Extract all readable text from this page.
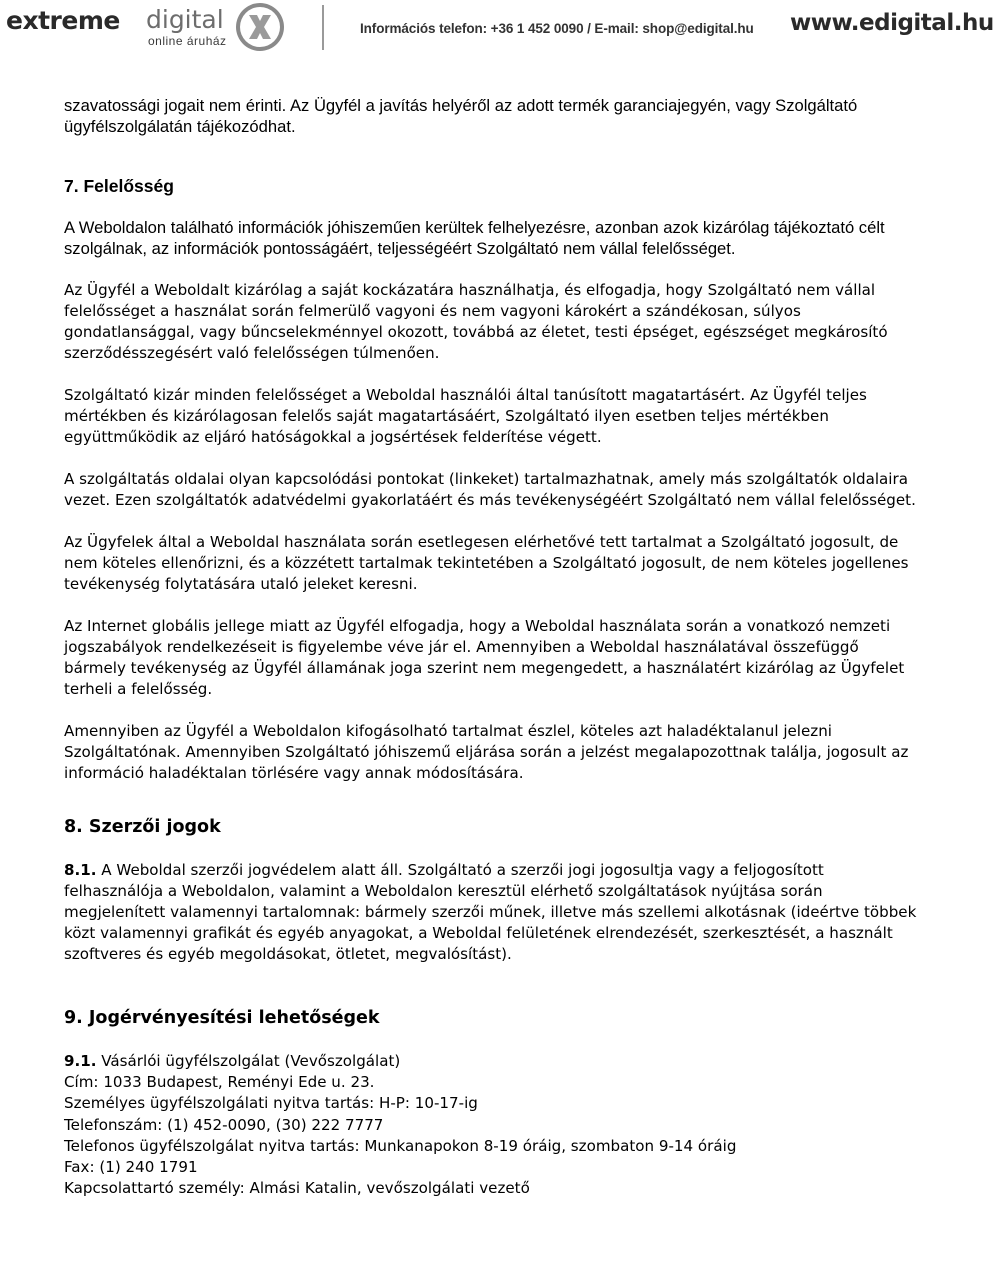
extreme digital
online áruház
Információs telefon: +36 1 452 0090 / E-mail: shop@edigital.hu www.edigital.hu

szavatossági jogait nem érinti. Az Ügyfél a javítás helyéről az adott termék garanciajegyén, vagy Szolgáltató ügyfélszolgálatán tájékozódhat.

7. Felelősség

A Weboldalon található információk jóhiszeműen kerültek felhelyezésre, azonban azok kizárólag tájékoztató célt szolgálnak, az információk pontosságáért, teljességéért Szolgáltató nem vállal felelősséget.

Az Ügyfél a Weboldalt kizárólag a saját kockázatára használhatja, és elfogadja, hogy Szolgáltató nem vállal felelősséget a használat során felmerülő vagyoni és nem vagyoni károkért a szándékosan, súlyos gondatlansággal, vagy bűncselekménnyel okozott, továbbá az életet, testi épséget, egészséget megkárosító szerződésszegésért való felelősségen túlmenően.

Szolgáltató kizár minden felelősséget a Weboldal használói által tanúsított magatartásért. Az Ügyfél teljes mértékben és kizárólagosan felelős saját magatartásáért, Szolgáltató ilyen esetben teljes mértékben együttműködik az eljáró hatóságokkal a jogsértések felderítése végett.

A szolgáltatás oldalai olyan kapcsolódási pontokat (linkeket) tartalmazhatnak, amely más szolgáltatók oldalaira vezet. Ezen szolgáltatók adatvédelmi gyakorlatáért és más tevékenységéért Szolgáltató nem vállal felelősséget.

Az Ügyfelek által a Weboldal használata során esetlegesen elérhetővé tett tartalmat a Szolgáltató jogosult, de nem köteles ellenőrizni, és a közzétett tartalmak tekintetében a Szolgáltató jogosult, de nem köteles jogellenes tevékenység folytatására utaló jeleket keresni.

Az Internet globális jellege miatt az Ügyfél elfogadja, hogy a Weboldal használata során a vonatkozó nemzeti jogszabályok rendelkezéseit is figyelembe véve jár el. Amennyiben a Weboldal használatával összefüggő bármely tevékenység az Ügyfél államának joga szerint nem megengedett, a használatért kizárólag az Ügyfelet terheli a felelősség.

Amennyiben az Ügyfél a Weboldalon kifogásolható tartalmat észlel, köteles azt haladéktalanul jelezni Szolgáltatónak. Amennyiben Szolgáltató jóhiszemű eljárása során a jelzést megalapozottnak találja, jogosult az információ haladéktalan törlésére vagy annak módosítására.

8. Szerzői jogok

8.1. A Weboldal szerzői jogvédelem alatt áll. Szolgáltató a szerzői jogi jogosultja vagy a feljogosított felhasználója a Weboldalon, valamint a Weboldalon keresztül elérhető szolgáltatások nyújtása során megjelenített valamennyi tartalomnak: bármely szerzői műnek, illetve más szellemi alkotásnak (ideértve többek közt valamennyi grafikát és egyéb anyagokat, a Weboldal felületének elrendezését, szerkesztését, a használt szoftveres és egyéb megoldásokat, ötletet, megvalósítást).

9. Jogérvényesítési lehetőségek
9.1. Vásárlói ügyfélszolgálat (Vevőszolgálat)
Cím: 1033 Budapest, Reményi Ede u. 23.
Személyes ügyfélszolgálati nyitva tartás: H-P: 10-17-ig
Telefonszám: (1) 452-0090, (30) 222 7777
Telefonos ügyfélszolgálat nyitva tartás: Munkanapokon 8-19 óráig, szombaton 9-14 óráig
Fax: (1) 240 1791
Kapcsolattartó személy: Almási Katalin, vevőszolgálati vezető
